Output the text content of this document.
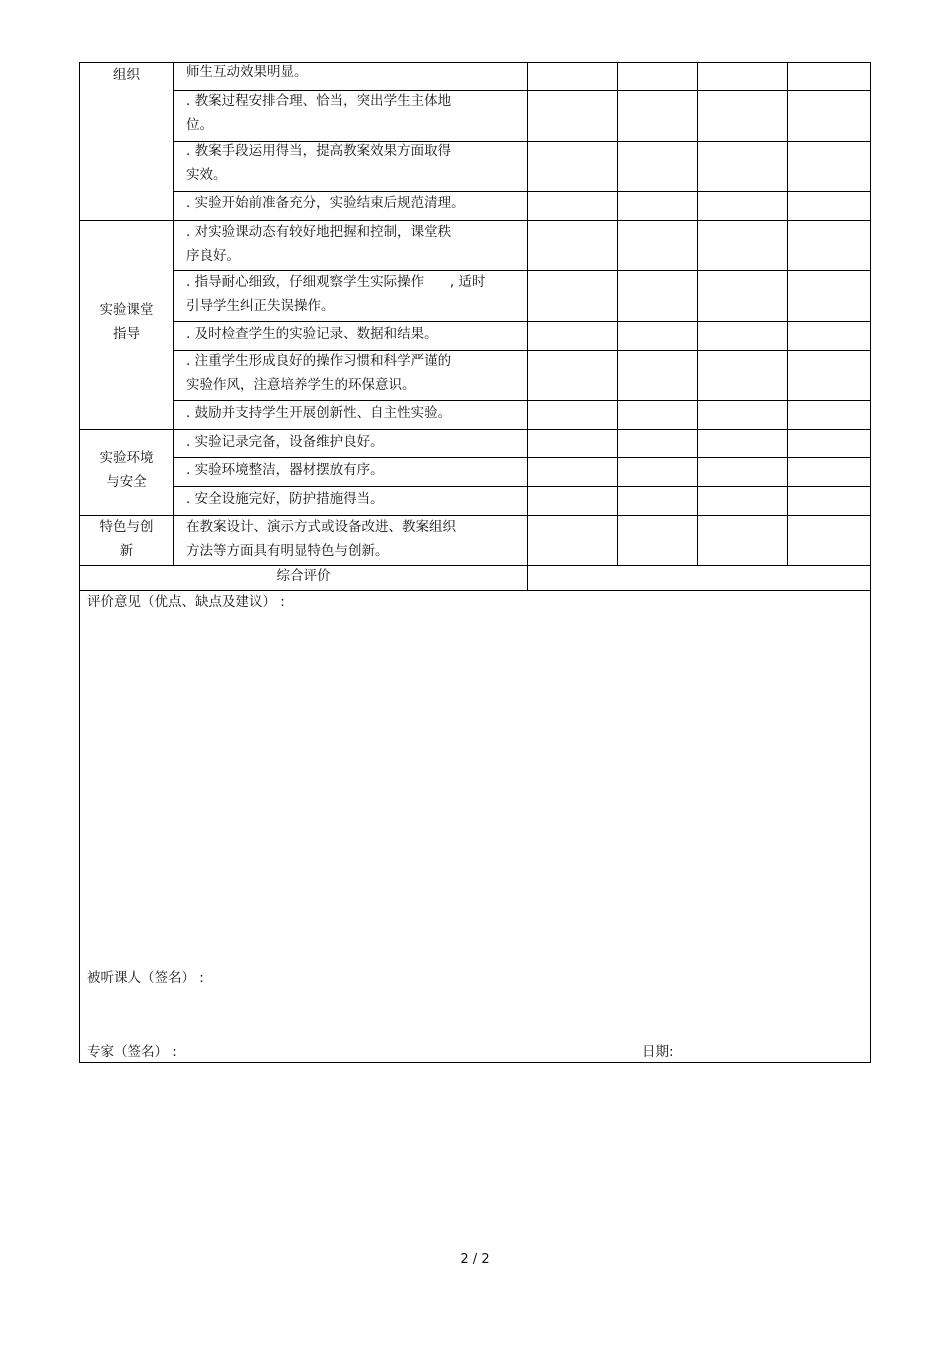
组织	师生互动效果明显。
. 教案过程安排合理、恰当，突出学生主体地
位。
. 教案手段运用得当，提高教案效果方面取得
实效。
. 实验开始前准备充分，实验结束后规范清理。
实验课堂
指导
. 对实验课动态有较好地把握和控制，课堂秩
序良好。
. 指导耐心细致，仔细观察学生实际操作      , 适时
引导学生纠正失误操作。
. 及时检查学生的实验记录、数据和结果。
. 注重学生形成良好的操作习惯和科学严谨的
实验作风，注意培养学生的环保意识。
. 鼓励并支持学生开展创新性、自主性实验。
实验环境
与安全
. 实验记录完备，设备维护良好。
. 实验环境整洁，器材摆放有序。
. 安全设施完好，防护措施得当。
特色与创
新
在教案设计、演示方式或设备改进、教案组织
方法等方面具有明显特色与创新。
综合评价
评价意见（优点、缺点及建议） :
被听课人（签名） :
专家（签名） :	日期:
2 / 2
